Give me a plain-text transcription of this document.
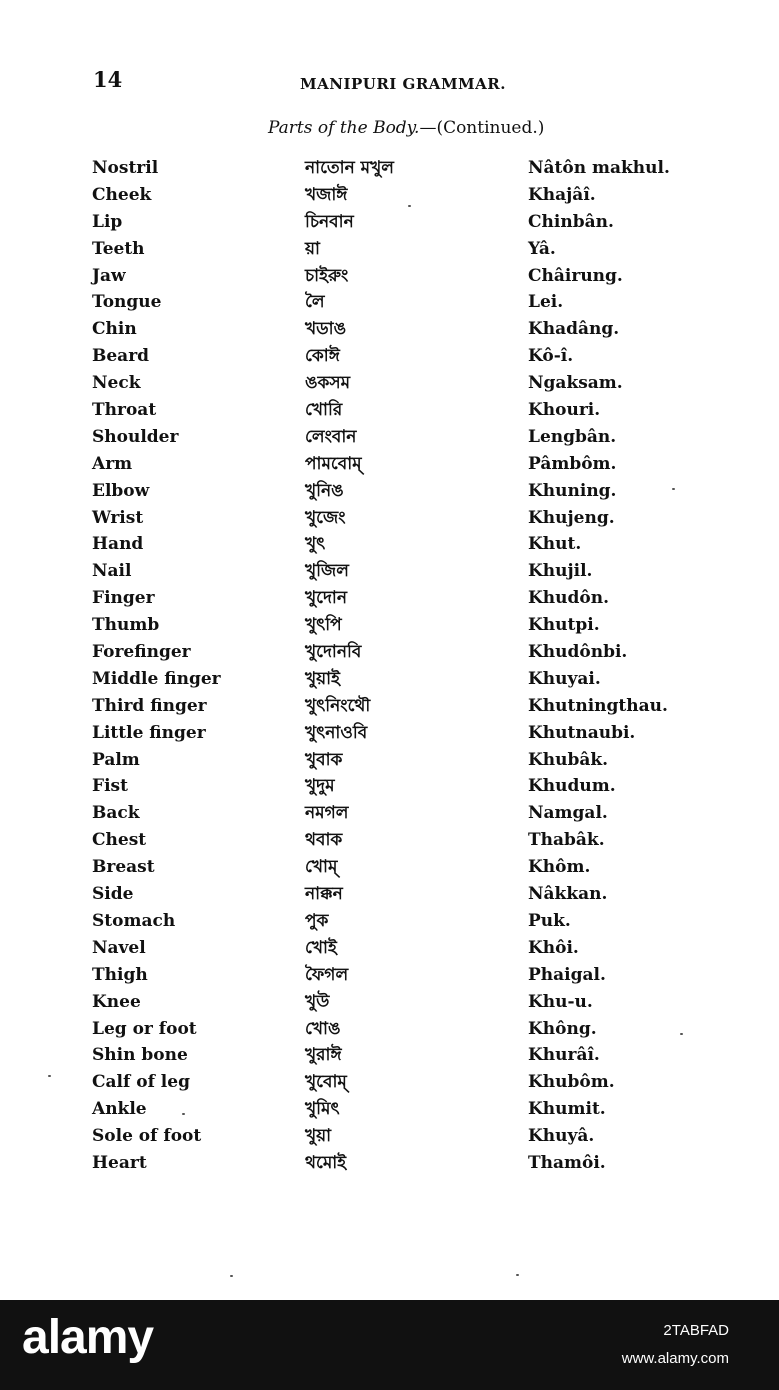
14	MANIPURI GRAMMAR.
Parts of the Body.—(Continued.)
Nostril	নাতোন মখুল	Nâtôn makhul.
Cheek	খজাঈ	Khajâî.
Lip	চিনবান	Chinbân.
Teeth	য়া	Yâ.
Jaw	চাইরুং	Châirung.
Tongue	লৈ	Lei.
Chin	খডাঙ	Khadâng.
Beard	কোঈ	Kô-î.
Neck	ঙকসম	Ngaksam.
Throat	খোরি	Khouri.
Shoulder	লেংবান	Lengbân.
Arm	পামবোম্	Pâmbôm.
Elbow	খুনিঙ	Khuning.
Wrist	খুজেং	Khujeng.
Hand	খুৎ	Khut.
Nail	খুজিল	Khujil.
Finger	খুদোন	Khudôn.
Thumb	খুৎপি	Khutpi.
Forefinger	খুদোনবি	Khudônbi.
Middle finger	খুয়াই	Khuyai.
Third finger	খুৎনিংথৌ	Khutningthau.
Little finger	খুৎনাওবি	Khutnaubi.
Palm	খুবাক	Khubâk.
Fist	খুদুম	Khudum.
Back	নমগল	Namgal.
Chest	থবাক	Thabâk.
Breast	খোম্	Khôm.
Side	নাক্কন	Nâkkan.
Stomach	পুক	Puk.
Navel	খোই	Khôi.
Thigh	ফৈগল	Phaigal.
Knee	খুউ	Khu-u.
Leg or foot	খোঙ	Không.
Shin bone	খুরাঈ	Khurâî.
Calf of leg	খুবোম্	Khubôm.
Ankle	খুমিৎ	Khumit.
Sole of foot	খুয়া	Khuyâ.
Heart	থমোই	Thamôi.
alamy	2TABFAD
www.alamy.com
